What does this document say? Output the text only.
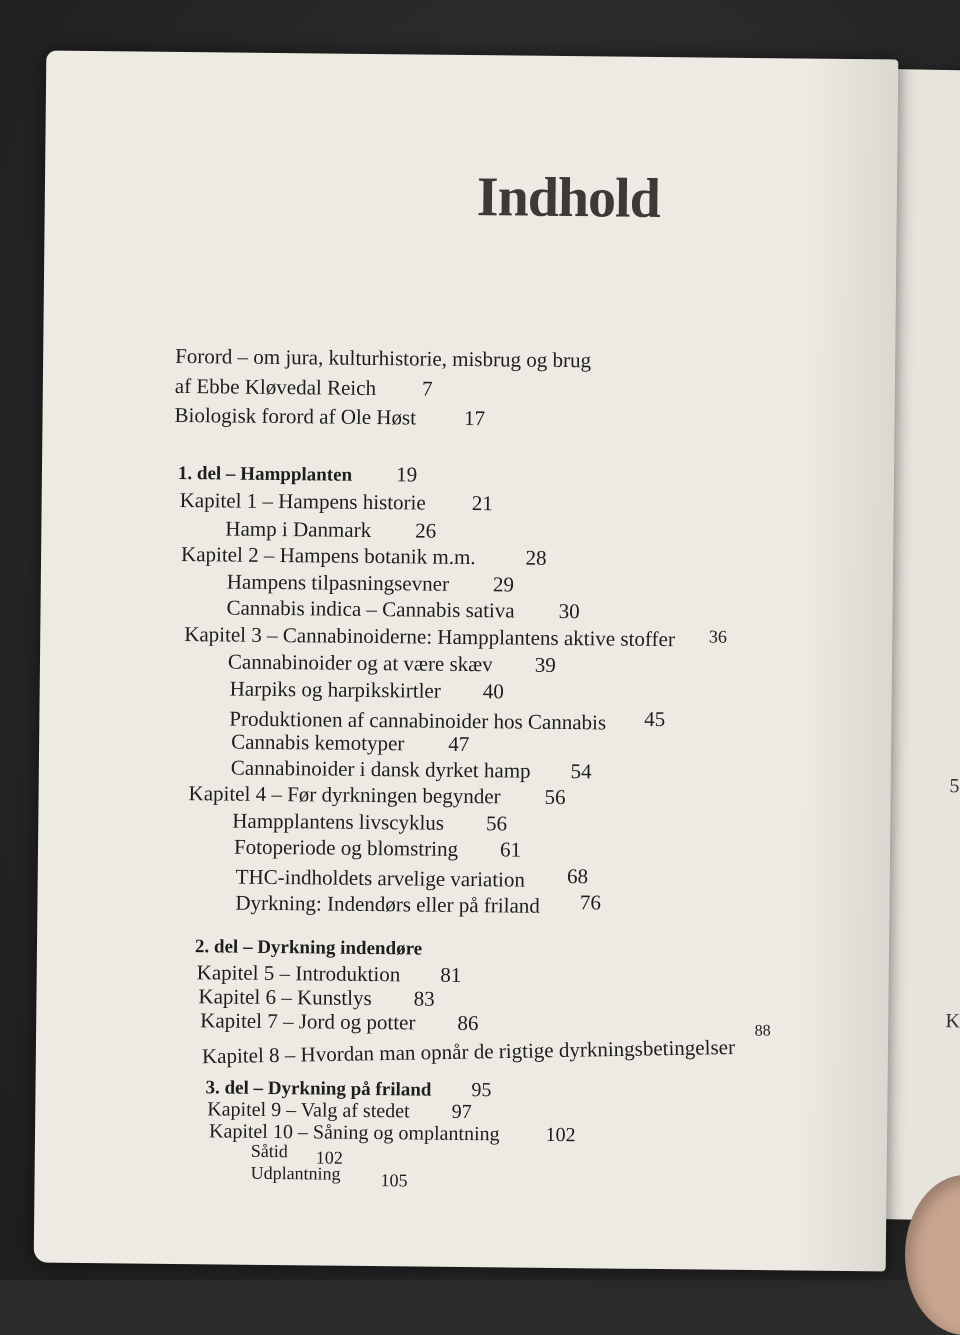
5
K
Indhold

Forord – om jura, kulturhistorie, misbrug og brug

af Ebbe Kløvedal Reich 7

Biologisk forord af Ole Høst 17

1. del – Hampplanten 19

Kapitel 1 – Hampens historie 21

Hamp i Danmark 26

Kapitel 2 – Hampens botanik m.m. 28

Hampens tilpasningsevner 29

Cannabis indica – Cannabis sativa 30

Kapitel 3 – Cannabinoiderne: Hampplantens aktive stoffer 36

Cannabinoider og at være skæv 39

Harpiks og harpikskirtler 40

Produktionen af cannabinoider hos Cannabis 45

Cannabis kemotyper 47

Cannabinoider i dansk dyrket hamp 54

Kapitel 4 – Før dyrkningen begynder 56

Hampplantens livscyklus 56

Fotoperiode og blomstring 61

THC-indholdets arvelige variation 68

Dyrkning: Indendørs eller på friland 76

2. del – Dyrkning indendøre

Kapitel 5 – Introduktion 81

Kapitel 6 – Kunstlys 83

Kapitel 7 – Jord og potter 86

Kapitel 8 – Hvordan man opnår de rigtige dyrkningsbetingelser88

3. del – Dyrkning på friland 95

Kapitel 9 – Valg af stedet 97

Kapitel 10 – Såning og omplantning 102

Såtid 102

Udplantning 105
